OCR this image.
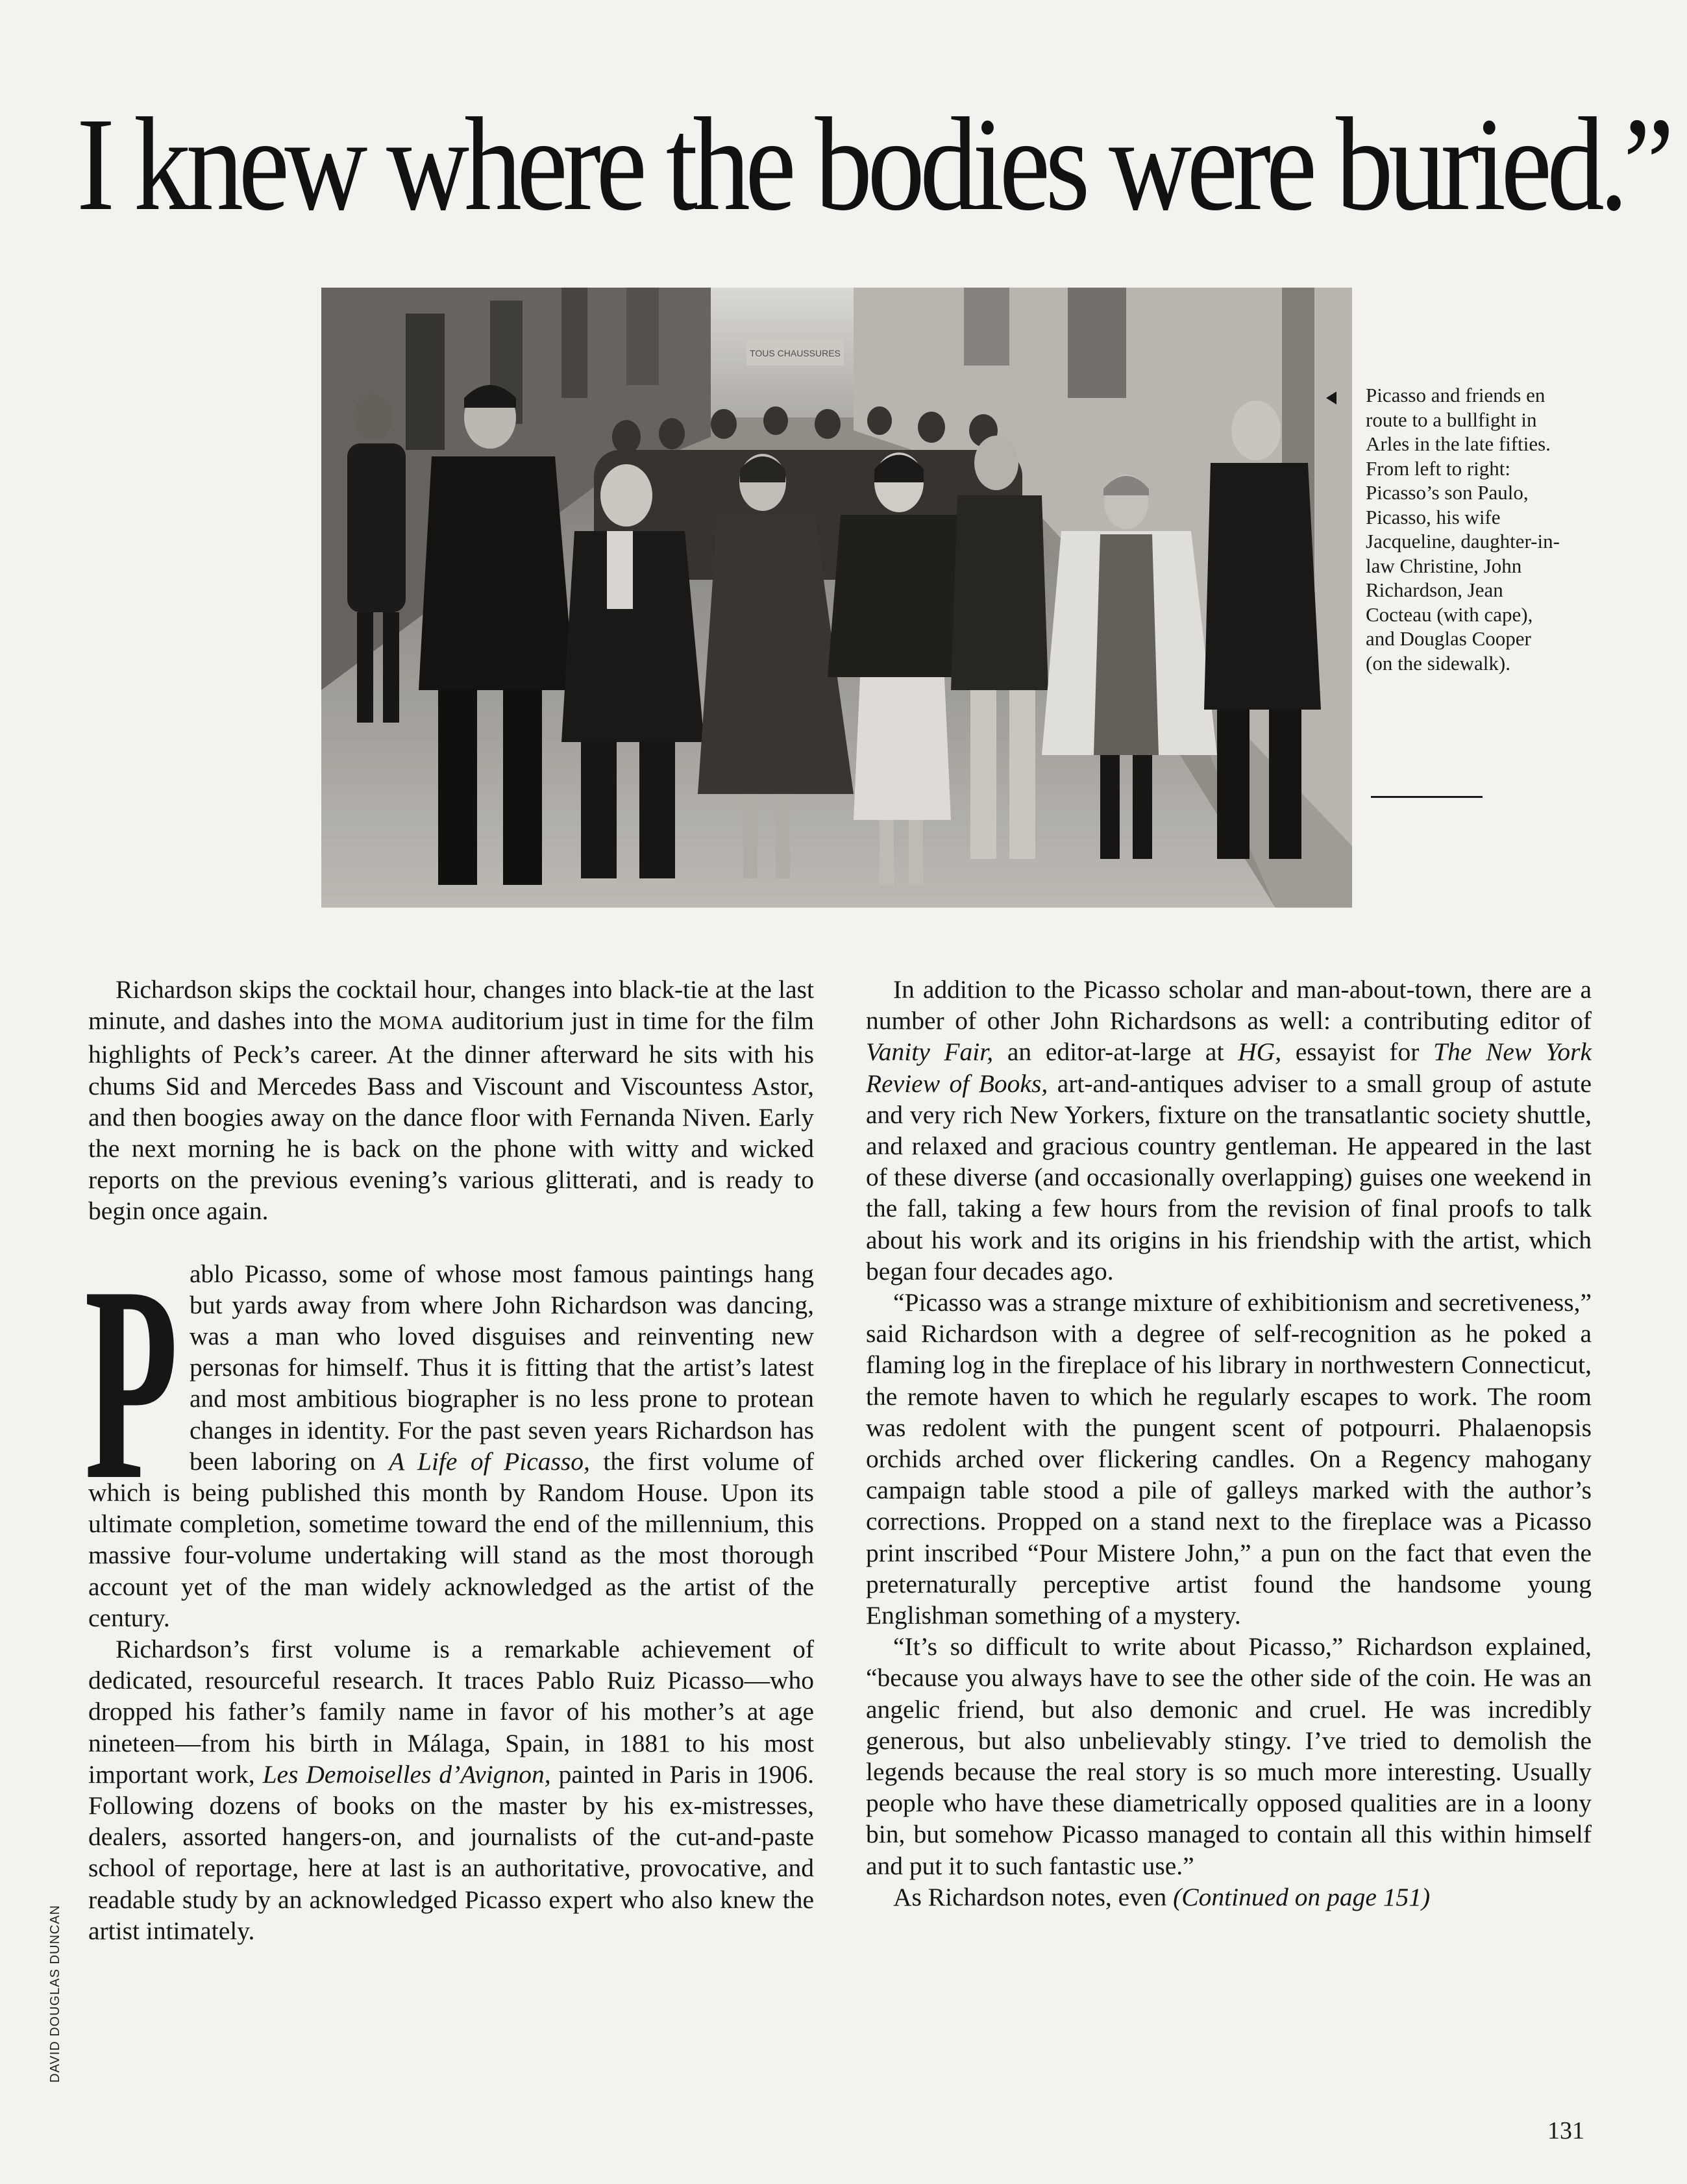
I knew where the bodies were buried.”
TOUS CHAUSSURES
Picasso and friends en route to a bullfight in Arles in the late fifties. From left to right: Picasso’s son Paulo, Picasso, his wife Jacqueline, daughter-in-law Christine, John Richardson, Jean Cocteau (with cape), and Douglas Cooper (on the sidewalk).

Richardson skips the cocktail hour, changes into black-tie at the last minute, and dashes into the MOMA auditorium just in time for the film highlights of Peck’s career. At the dinner afterward he sits with his chums Sid and Mercedes Bass and Viscount and Viscountess Astor, and then boogies away on the dance floor with Fernanda Niven. Early the next morning he is back on the phone with witty and wicked reports on the previous evening’s various glitterati, and is ready to begin once again.

Pablo Picasso, some of whose most famous paintings hang but yards away from where John Richardson was dancing, was a man who loved disguises and reinventing new personas for himself. Thus it is fitting that the artist’s latest and most ambitious biographer is no less prone to protean changes in identity. For the past seven years Richardson has been laboring on A Life of Picasso, the first volume of which is being published this month by Random House. Upon its ultimate completion, sometime toward the end of the millennium, this massive four-volume undertaking will stand as the most thorough account yet of the man widely acknowledged as the artist of the century.

Richardson’s first volume is a remarkable achievement of dedicated, resourceful research. It traces Pablo Ruiz Picasso—who dropped his father’s family name in favor of his mother’s at age nineteen—from his birth in Málaga, Spain, in 1881 to his most important work, Les Demoiselles d’Avignon, painted in Paris in 1906. Following dozens of books on the master by his ex-mistresses, dealers, assorted hangers-on, and journalists of the cut-and-paste school of reportage, here at last is an authoritative, provocative, and readable study by an acknowledged Picasso expert who also knew the artist intimately.

In addition to the Picasso scholar and man-about-town, there are a number of other John Richardsons as well: a contributing editor of Vanity Fair, an editor-at-large at HG, essayist for The New York Review of Books, art-and-antiques adviser to a small group of astute and very rich New Yorkers, fixture on the transatlantic society shuttle, and relaxed and gracious country gentleman. He appeared in the last of these diverse (and occasionally overlapping) guises one weekend in the fall, taking a few hours from the revision of final proofs to talk about his work and its origins in his friendship with the artist, which began four decades ago.

“Picasso was a strange mixture of exhibitionism and secretiveness,” said Richardson with a degree of self-recognition as he poked a flaming log in the fireplace of his library in northwestern Connecticut, the remote haven to which he regularly escapes to work. The room was redolent with the pungent scent of potpourri. Phalaenopsis orchids arched over flickering candles. On a Regency mahogany campaign table stood a pile of galleys marked with the author’s corrections. Propped on a stand next to the fireplace was a Picasso print inscribed “Pour Mistere John,” a pun on the fact that even the preternaturally perceptive artist found the handsome young Englishman something of a mystery.

“It’s so difficult to write about Picasso,” Richardson explained, “because you always have to see the other side of the coin. He was an angelic friend, but also demonic and cruel. He was incredibly generous, but also unbelievably stingy. I’ve tried to demolish the legends because the real story is so much more interesting. Usually people who have these diametrically opposed qualities are in a loony bin, but somehow Picasso managed to contain all this within himself and put it to such fantastic use.”

As Richardson notes, even (Continued on page 151)

DAVID DOUGLAS DUNCAN
131
